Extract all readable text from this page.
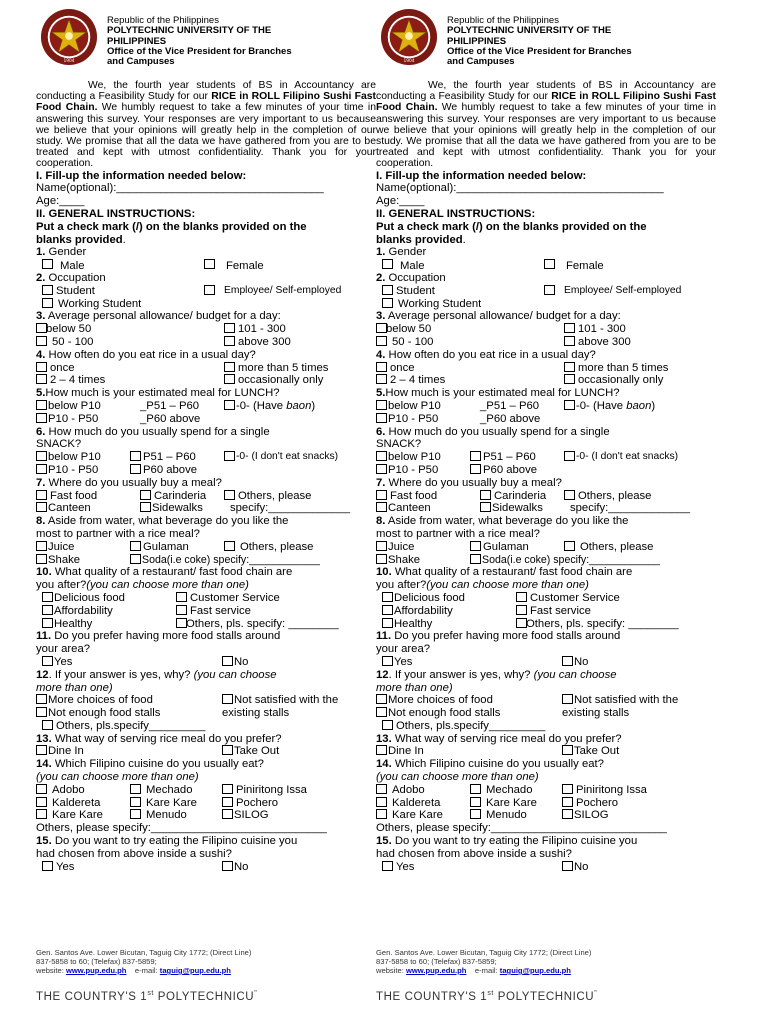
1904
Republic of the Philippines
POLYTECHNIC UNIVERSITY OF THE
PHILIPPINES
Office of the Vice President for Branches
and Campuses

We, the fourth year students of BS in Accountancy are conducting a Feasibility Study for our RICE in ROLL Filipino Sushi Fast Food Chain. We humbly request to take a few minutes of your time in answering this survey. Your responses are very important to us because we believe that your opinions will greatly help in the completion of our study. We promise that all the data we have gathered from you are to be treated and kept with utmost confidentiality. Thank you for your cooperation.

I. Fill-up the information needed below:
Name(optional):_________________________________
Age:____
II. GENERAL INSTRUCTIONS:
Put a check mark (/) on the blanks provided on the
blanks provided.
1. Gender
Male	Female
2. Occupation
Student	Employee/ Self-employed
Working Student
3. Average personal allowance/ budget for a day:
below 50	101 - 300
50 - 100	above 300
4. How often do you eat rice in a usual day?
once	more than 5 times
2 – 4 times	occasionally only
5.How much is your estimated meal for LUNCH?
below P10	_P51 – P60	-0- (Have baon)
P10 - P50	_P60 above
6. How much do you usually spend for a single
SNACK?
below P10	P51 – P60	-0- (I don't eat snacks)
P10 - P50	P60 above
7. Where do you usually buy a meal?
Fast food	Carinderia	Others, please
Canteen	Sidewalks specify:_____________
8. Aside from water, what beverage do you like the
most to partner with a rice meal?
Juice	Gulaman	Others, please
Shake	Soda(i.e coke) specify:____________
10. What quality of a restaurant/ fast food chain are
you after?(you can choose more than one)
Delicious food	Customer Service
Affordability	Fast service
Healthy	Others, pls. specify: ________
11. Do you prefer having more food stalls around
your area?
Yes	No
12. If your answer is yes, why? (you can choose
more than one)
More choices of food	Not satisfied with the
Not enough food stalls	existing stalls
Others, pls.specify_________
13. What way of serving rice meal do you prefer?
Dine In	Take Out
14. Which Filipino cuisine do you usually eat?
(you can choose more than one)
Adobo	Mechado	Pinirito​ng Issa
Kaldereta	Kare Kare	Pochero
Kare Kare	Menudo	SILOG
Others, please specify:____________________________
15. Do you want to try eating the Filipino cuisine you
had chosen from above inside a sushi?
Yes	No
Gen. Santos Ave. Lower Bicutan, Taguig City 1772; (Direct Line)
837-5858 to 60; (Telefax) 837-5859;
website: www.pup.edu.ph e-mail: taguig@pup.edu.ph
THE COUNTRY'S 1st POLYTECHNICU"
1904
Republic of the Philippines
POLYTECHNIC UNIVERSITY OF THE
PHILIPPINES
Office of the Vice President for Branches
and Campuses

We, the fourth year students of BS in Accountancy are conducting a Feasibility Study for our RICE in ROLL Filipino Sushi Fast Food Chain. We humbly request to take a few minutes of your time in answering this survey. Your responses are very important to us because we believe that your opinions will greatly help in the completion of our study. We promise that all the data we have gathered from you are to be treated and kept with utmost confidentiality. Thank you for your cooperation.

I. Fill-up the information needed below:
Name(optional):_________________________________
Age:____
II. GENERAL INSTRUCTIONS:
Put a check mark (/) on the blanks provided on the
blanks provided.
1. Gender
Male	Female
2. Occupation
Student	Employee/ Self-employed
Working Student
3. Average personal allowance/ budget for a day:
below 50	101 - 300
50 - 100	above 300
4. How often do you eat rice in a usual day?
once	more than 5 times
2 – 4 times	occasionally only
5.How much is your estimated meal for LUNCH?
below P10	_P51 – P60	-0- (Have baon)
P10 - P50	_P60 above
6. How much do you usually spend for a single
SNACK?
below P10	P51 – P60	-0- (I don't eat snacks)
P10 - P50	P60 above
7. Where do you usually buy a meal?
Fast food	Carinderia	Others, please
Canteen	Sidewalks specify:_____________
8. Aside from water, what beverage do you like the
most to partner with a rice meal?
Juice	Gulaman	Others, please
Shake	Soda(i.e coke) specify:____________
10. What quality of a restaurant/ fast food chain are
you after?(you can choose more than one)
Delicious food	Customer Service
Affordability	Fast service
Healthy	Others, pls. specify: ________
11. Do you prefer having more food stalls around
your area?
Yes	No
12. If your answer is yes, why? (you can choose
more than one)
More choices of food	Not satisfied with the
Not enough food stalls	existing stalls
Others, pls.specify_________
13. What way of serving rice meal do you prefer?
Dine In	Take Out
14. Which Filipino cuisine do you usually eat?
(you can choose more than one)
Adobo	Mechado	Pinirito​ng Issa
Kaldereta	Kare Kare	Pochero
Kare Kare	Menudo	SILOG
Others, please specify:____________________________
15. Do you want to try eating the Filipino cuisine you
had chosen from above inside a sushi?
Yes	No
Gen. Santos Ave. Lower Bicutan, Taguig City 1772; (Direct Line)
837-5858 to 60; (Telefax) 837-5859;
website: www.pup.edu.ph e-mail: taguig@pup.edu.ph
THE COUNTRY'S 1st POLYTECHNICU"
